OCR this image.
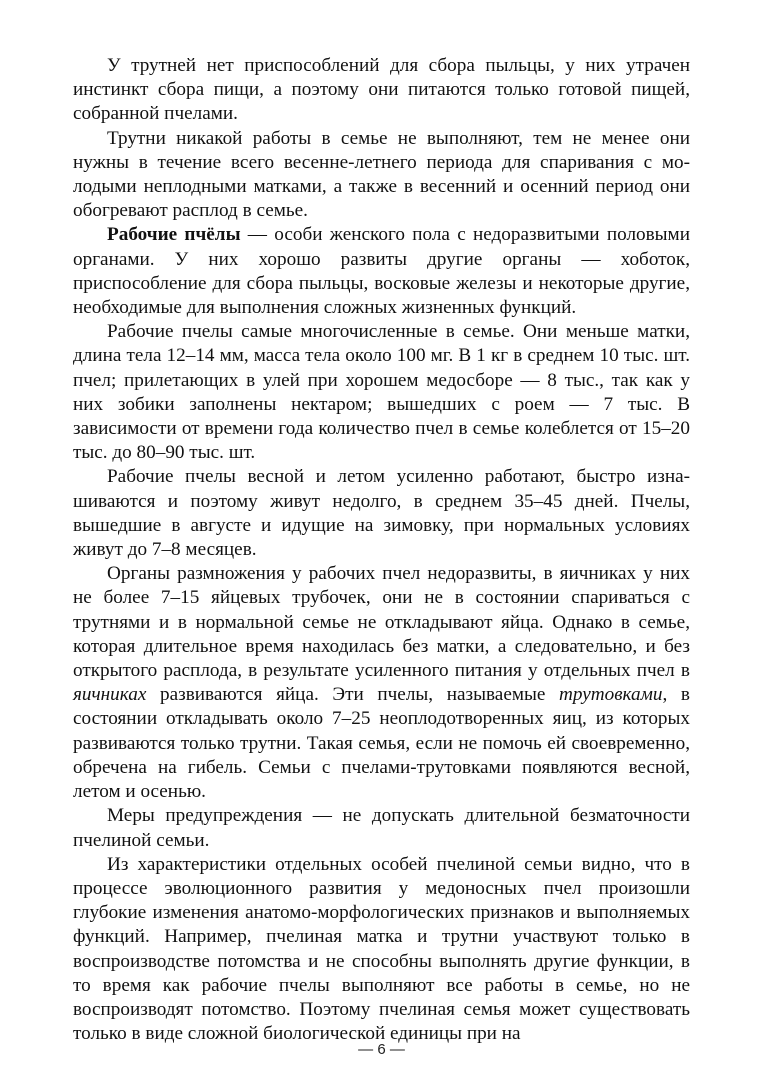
У трутней нет приспособлений для сбора пыльцы, у них утрачен инстинкт сбора пищи, а поэтому они питаются только готовой пищей, собранной пчелами.

Трутни никакой работы в семье не выполняют, тем не менее они нужны в течение всего весенне-летнего периода для спаривания с молодыми неплодными матками, а также в весенний и осенний период они обогревают расплод в семье.

Рабочие пчёлы — особи женского пола с недоразвитыми половыми органами. У них хорошо развиты другие органы — хоботок, приспособление для сбора пыльцы, восковые железы и некоторые другие, необходимые для выполнения сложных жизненных функций.

Рабочие пчелы самые многочисленные в семье. Они меньше матки, длина тела 12–14 мм, масса тела около 100 мг. В 1 кг в среднем 10 тыс. шт. пчел; прилетающих в улей при хорошем медосборе — 8 тыс., так как у них зобики заполнены нектаром; вышедших с роем — 7 тыс. В зависимости от времени года количество пчел в семье колеблется от 15–20 тыс. до 80–90 тыс. шт.

Рабочие пчелы весной и летом усиленно работают, быстро изнашиваются и поэтому живут недолго, в среднем 35–45 дней. Пчелы, вышедшие в августе и идущие на зимовку, при нормальных условиях живут до 7–8 месяцев.

Органы размножения у рабочих пчел недоразвиты, в яичниках у них не более 7–15 яйцевых трубочек, они не в состоянии спариваться с трутнями и в нормальной семье не откладывают яйца. Однако в семье, которая длительное время находилась без матки, а следовательно, и без открытого расплода, в результате усиленного питания у отдельных пчел в яичниках развиваются яйца. Эти пчелы, называемые трутовками, в состоянии откладывать около 7–25 неоплодотворенных яиц, из которых развиваются только трутни. Такая семья, если не помочь ей своевременно, обречена на гибель. Семьи с пчелами-трутовками появляются весной, летом и осенью.

Меры предупреждения — не допускать длительной безматочности пчелиной семьи.

Из характеристики отдельных особей пчелиной семьи видно, что в процессе эволюционного развития у медоносных пчел произошли глубокие изменения анатомо-морфологических признаков и выполняемых функций. Например, пчелиная матка и трутни участвуют только в воспроизводстве потомства и не способны выполнять другие функции, в то время как рабочие пчелы выполняют все работы в семье, но не воспроизводят потомство. Поэтому пчелиная семья может существовать только в виде сложной биологической единицы при на

— 6 —
